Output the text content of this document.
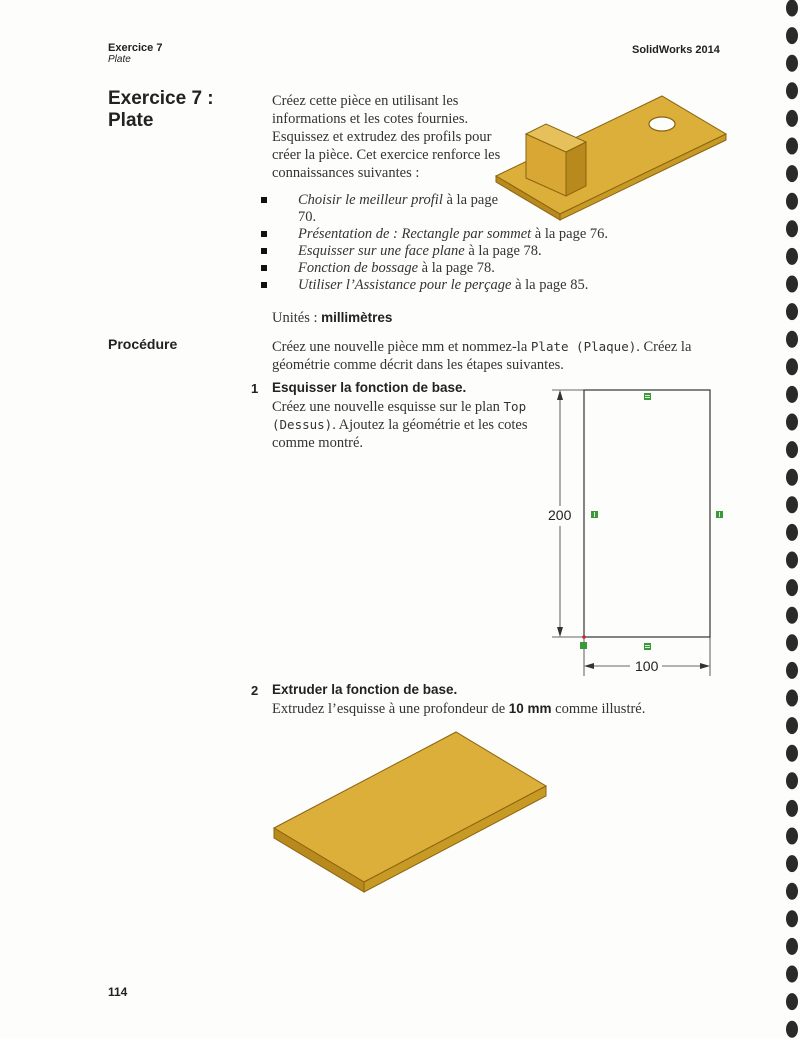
Exercice 7
Plate
SolidWorks 2014
Exercice 7 :
Plate
Créez cette pièce en utilisant les informations et les cotes fournies. Esquissez et extrudez des profils pour créer la pièce. Cet exercice renforce les connaissances suivantes :
Choisir le meilleur profil à la page 70.
Présentation de : Rectangle par sommet à la page 76.
Esquisser sur une face plane à la page 78.
Fonction de bossage à la page 78.
Utiliser l’Assistance pour le perçage à la page 85.
Unités : millimètres
Procédure	Créez une nouvelle pièce mm et nommez-la Plate (Plaque). Créez la géométrie comme décrit dans les étapes suivantes.
1 Esquisser la fonction de base.
Créez une nouvelle esquisse sur le plan Top (Dessus). Ajoutez la géométrie et les cotes comme montré.
200
100
2 Extruder la fonction de base.
Extrudez l’esquisse à une profondeur de 10 mm comme illustré.
114
